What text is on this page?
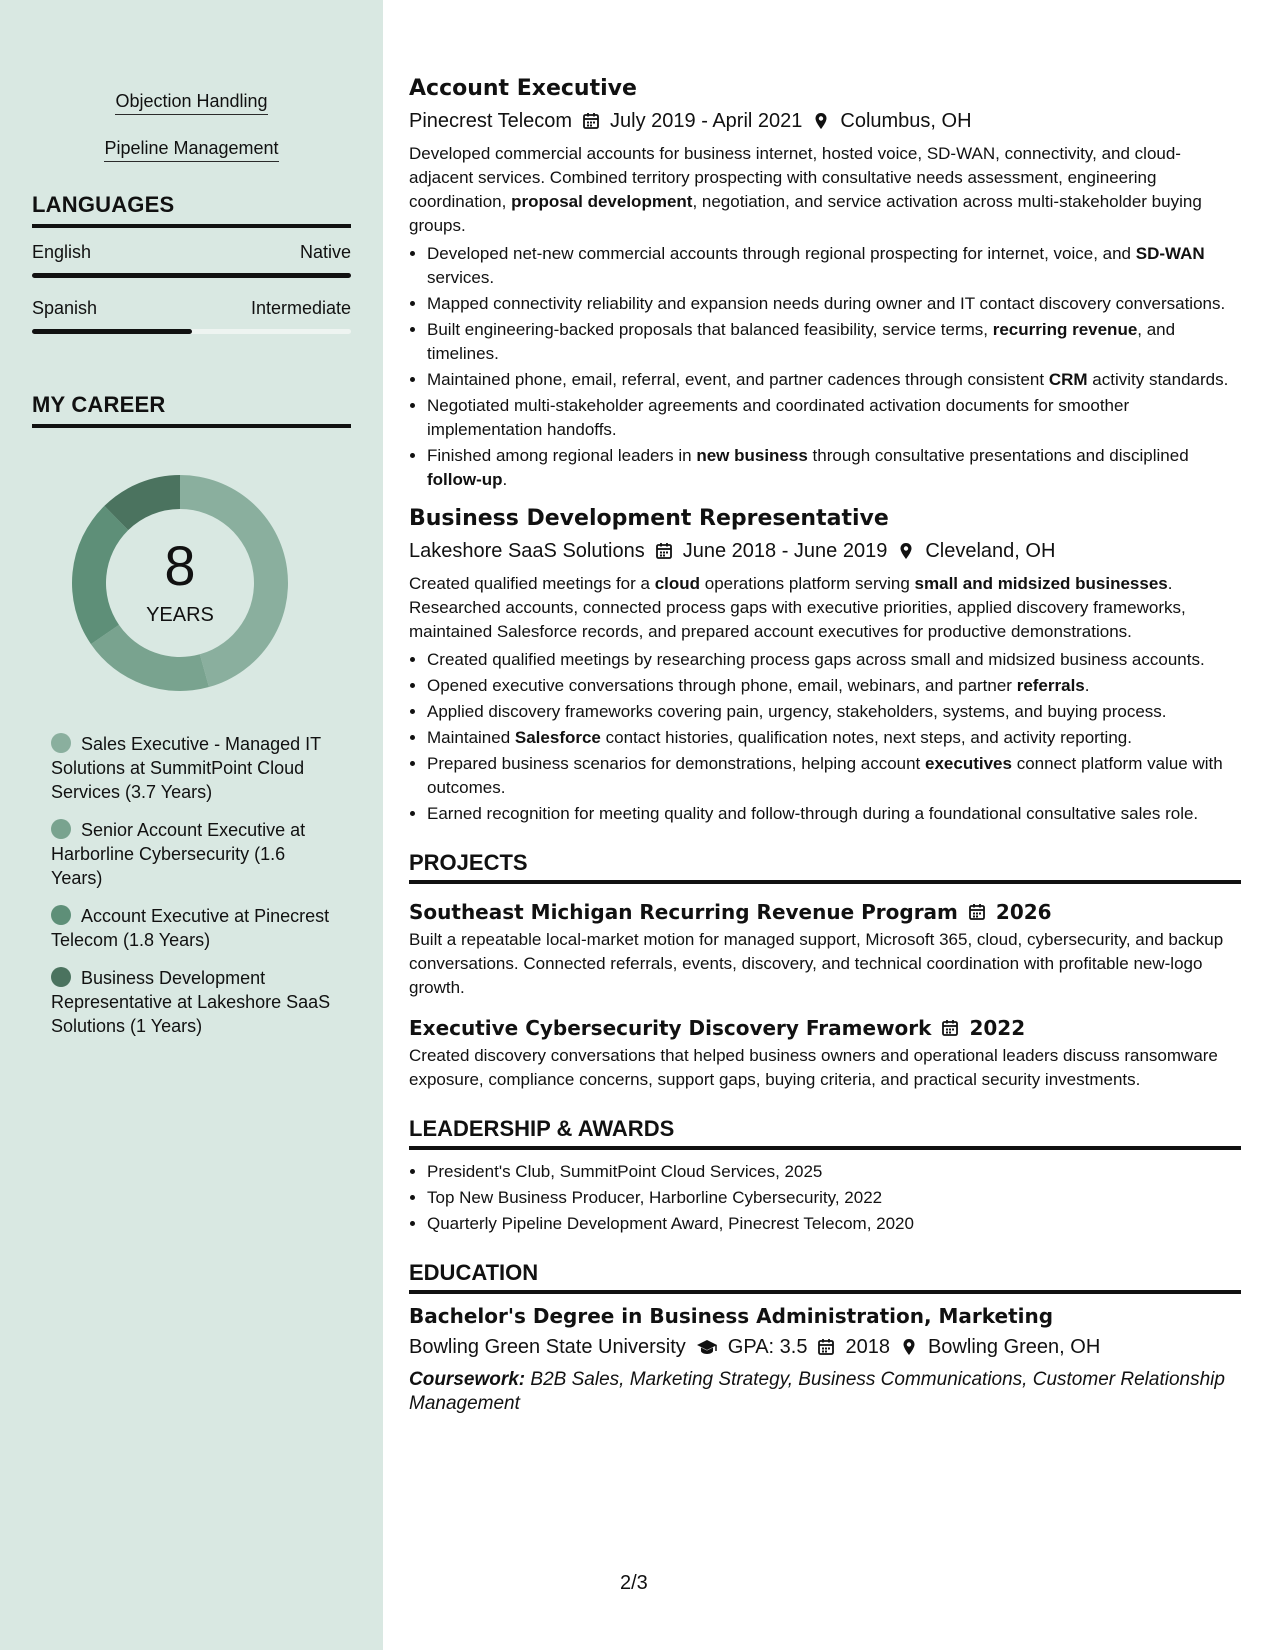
Objection Handling
Pipeline Management
LANGUAGES
English	Native
Spanish	Intermediate
MY CAREER
8
YEARS
Sales Executive - Managed IT Solutions at SummitPoint Cloud Services (3.7 Years)
Senior Account Executive at Harborline Cybersecurity (1.6 Years)
Account Executive at Pinecrest Telecom (1.8 Years)
Business Development Representative at Lakeshore SaaS Solutions (1 Years)
Account Executive
Pinecrest Telecom July 2019 - April 2021 Columbus, OH

Developed commercial accounts for business internet, hosted voice, SD-WAN, connectivity, and cloud-adjacent services. Combined territory prospecting with consultative needs assessment, engineering coordination, proposal development, negotiation, and service activation across multi-stakeholder buying groups.

• Developed net-new commercial accounts through regional prospecting for internet, voice, and SD-WAN services.
• Mapped connectivity reliability and expansion needs during owner and IT contact discovery conversations.
• Built engineering-backed proposals that balanced feasibility, service terms, recurring revenue, and timelines.
• Maintained phone, email, referral, event, and partner cadences through consistent CRM activity standards.
• Negotiated multi-stakeholder agreements and coordinated activation documents for smoother implementation handoffs.
• Finished among regional leaders in new business through consultative presentations and disciplined follow-up.
Business Development Representative
Lakeshore SaaS Solutions June 2018 - June 2019 Cleveland, OH

Created qualified meetings for a cloud operations platform serving small and midsized businesses. Researched accounts, connected process gaps with executive priorities, applied discovery frameworks, maintained Salesforce records, and prepared account executives for productive demonstrations.

• Created qualified meetings by researching process gaps across small and midsized business accounts.
• Opened executive conversations through phone, email, webinars, and partner referrals.
• Applied discovery frameworks covering pain, urgency, stakeholders, systems, and buying process.
• Maintained Salesforce contact histories, qualification notes, next steps, and activity reporting.
• Prepared business scenarios for demonstrations, helping account executives connect platform value with outcomes.
• Earned recognition for meeting quality and follow-through during a foundational consultative sales role.
PROJECTS
Southeast Michigan Recurring Revenue Program 2026

Built a repeatable local-market motion for managed support, Microsoft 365, cloud, cybersecurity, and backup conversations. Connected referrals, events, discovery, and technical coordination with profitable new-logo growth.

Executive Cybersecurity Discovery Framework 2022

Created discovery conversations that helped business owners and operational leaders discuss ransomware exposure, compliance concerns, support gaps, buying criteria, and practical security investments.

LEADERSHIP & AWARDS
• President's Club, SummitPoint Cloud Services, 2025
• Top New Business Producer, Harborline Cybersecurity, 2022
• Quarterly Pipeline Development Award, Pinecrest Telecom, 2020
EDUCATION
Bachelor's Degree in Business Administration, Marketing
Bowling Green State University GPA: 3.5 2018 Bowling Green, OH
Coursework: B2B Sales, Marketing Strategy, Business Communications, Customer Relationship Management
2/3
